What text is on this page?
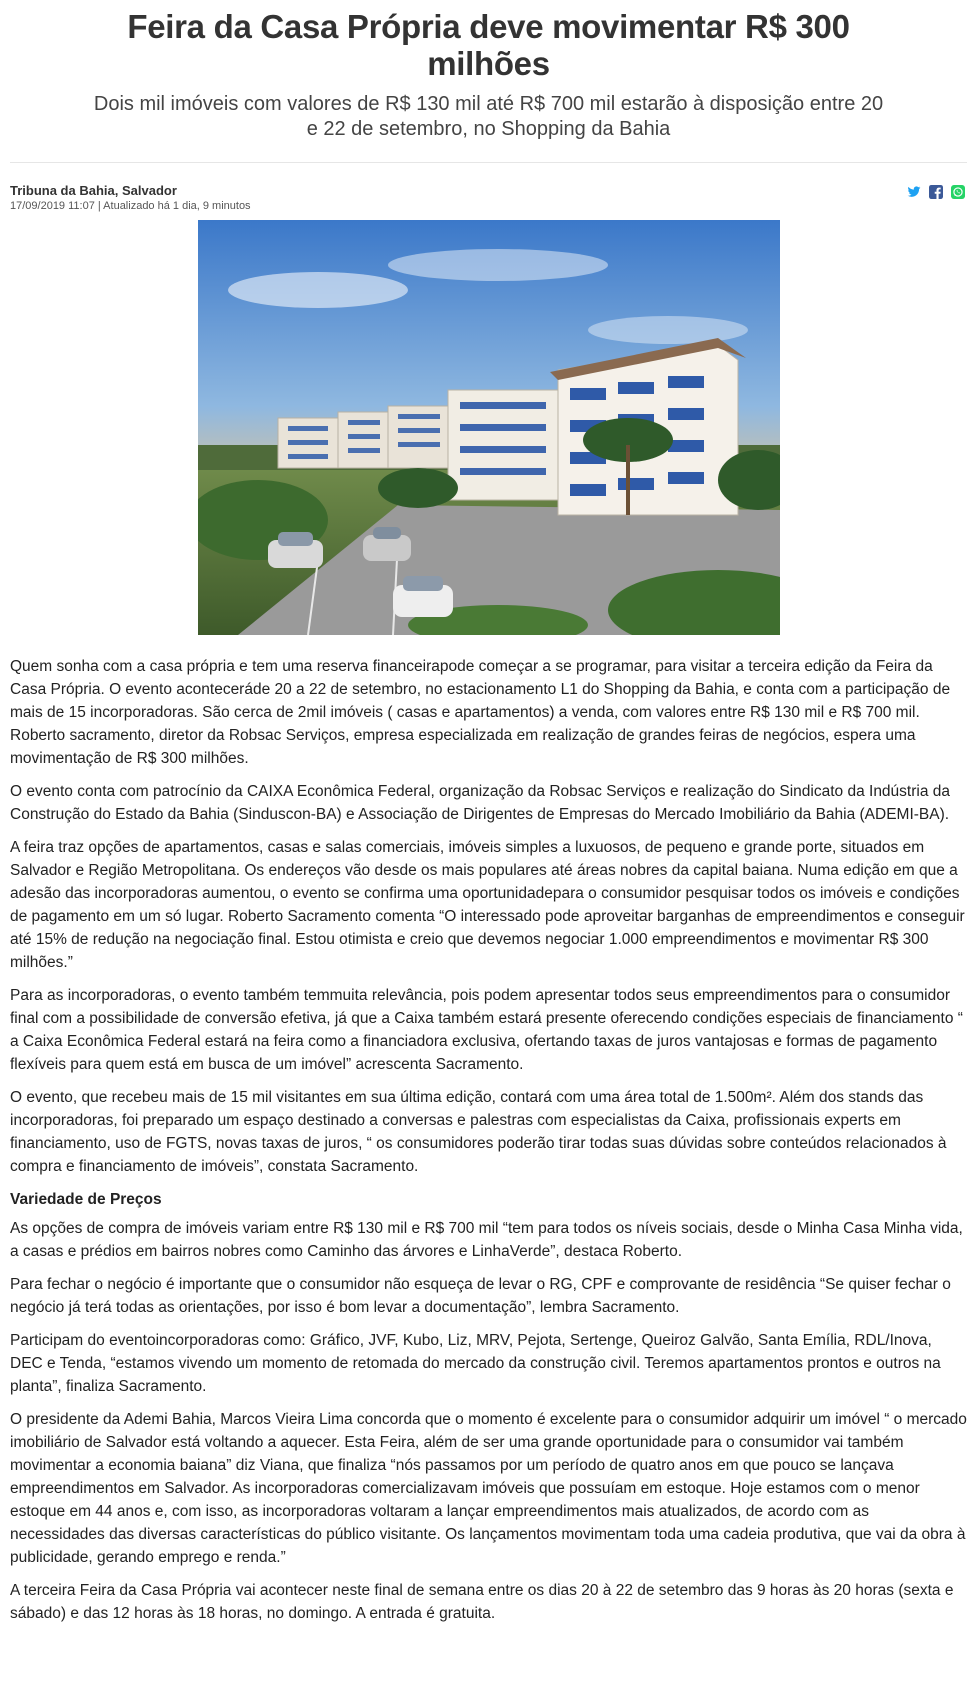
Feira da Casa Própria deve movimentar R$ 300 milhões
Dois mil imóveis com valores de R$ 130 mil até R$ 700 mil estarão à disposição entre 20 e 22 de setembro, no Shopping da Bahia
Tribuna da Bahia, Salvador
17/09/2019 11:07 | Atualizado há 1 dia, 9 minutos

Quem sonha com a casa própria e tem uma reserva financeirapode começar a se programar, para visitar a terceira edição da Feira da Casa Própria. O evento aconteceráde 20 a 22 de setembro, no estacionamento L1 do Shopping da Bahia, e conta com a participação de mais de 15 incorporadoras. São cerca de 2mil imóveis ( casas e apartamentos) a venda, com valores entre R$ 130 mil e R$ 700 mil. Roberto sacramento, diretor da Robsac Serviços, empresa especializada em realização de grandes feiras de negócios, espera uma movimentação de R$ 300 milhões.

O evento conta com patrocínio da CAIXA Econômica Federal, organização da Robsac Serviços e realização do Sindicato da Indústria da Construção do Estado da Bahia (Sinduscon-BA) e Associação de Dirigentes de Empresas do Mercado Imobiliário da Bahia (ADEMI-BA).

A feira traz opções de apartamentos, casas e salas comerciais, imóveis simples a luxuosos, de pequeno e grande porte, situados em Salvador e Região Metropolitana. Os endereços vão desde os mais populares até áreas nobres da capital baiana. Numa edição em que a adesão das incorporadoras aumentou, o evento se confirma uma oportunidadepara o consumidor pesquisar todos os imóveis e condições de pagamento em um só lugar. Roberto Sacramento comenta “O interessado pode aproveitar barganhas de empreendimentos e conseguir até 15% de redução na negociação final. Estou otimista e creio que devemos negociar 1.000 empreendimentos e movimentar R$ 300 milhões.”

Para as incorporadoras, o evento também temmuita relevância, pois podem apresentar todos seus empreendimentos para o consumidor final com a possibilidade de conversão efetiva, já que a Caixa também estará presente oferecendo condições especiais de financiamento “ a Caixa Econômica Federal estará na feira como a financiadora exclusiva, ofertando taxas de juros vantajosas e formas de pagamento flexíveis para quem está em busca de um imóvel” acrescenta Sacramento.

O evento, que recebeu mais de 15 mil visitantes em sua última edição, contará com uma área total de 1.500m². Além dos stands das incorporadoras, foi preparado um espaço destinado a conversas e palestras com especialistas da Caixa, profissionais experts em financiamento, uso de FGTS, novas taxas de juros, “ os consumidores poderão tirar todas suas dúvidas sobre conteúdos relacionados à compra e financiamento de imóveis”, constata Sacramento.

Variedade de Preços

As opções de compra de imóveis variam entre R$ 130 mil e R$ 700 mil “tem para todos os níveis sociais, desde o Minha Casa Minha vida, a casas e prédios em bairros nobres como Caminho das árvores e LinhaVerde”, destaca Roberto.

Para fechar o negócio é importante que o consumidor não esqueça de levar o RG, CPF e comprovante de residência “Se quiser fechar o negócio já terá todas as orientações, por isso é bom levar a documentação”, lembra Sacramento.

Participam do eventoincorporadoras como: Gráfico, JVF, Kubo, Liz, MRV, Pejota, Sertenge, Queiroz Galvão, Santa Emília, RDL/Inova, DEC e Tenda, “estamos vivendo um momento de retomada do mercado da construção civil. Teremos apartamentos prontos e outros na planta”, finaliza Sacramento.

O presidente da Ademi Bahia, Marcos Vieira Lima concorda que o momento é excelente para o consumidor adquirir um imóvel “ o mercado imobiliário de Salvador está voltando a aquecer. Esta Feira, além de ser uma grande oportunidade para o consumidor vai também movimentar a economia baiana” diz Viana, que finaliza “nós passamos por um período de quatro anos em que pouco se lançava empreendimentos em Salvador. As incorporadoras comercializavam imóveis que possuíam em estoque. Hoje estamos com o menor estoque em 44 anos e, com isso, as incorporadoras voltaram a lançar empreendimentos mais atualizados, de acordo com as necessidades das diversas características do público visitante. Os lançamentos movimentam toda uma cadeia produtiva, que vai da obra à publicidade, gerando emprego e renda.”

A terceira Feira da Casa Própria vai acontecer neste final de semana entre os dias 20 à 22 de setembro das 9 horas às 20 horas (sexta e sábado) e das 12 horas às 18 horas, no domingo. A entrada é gratuita.
